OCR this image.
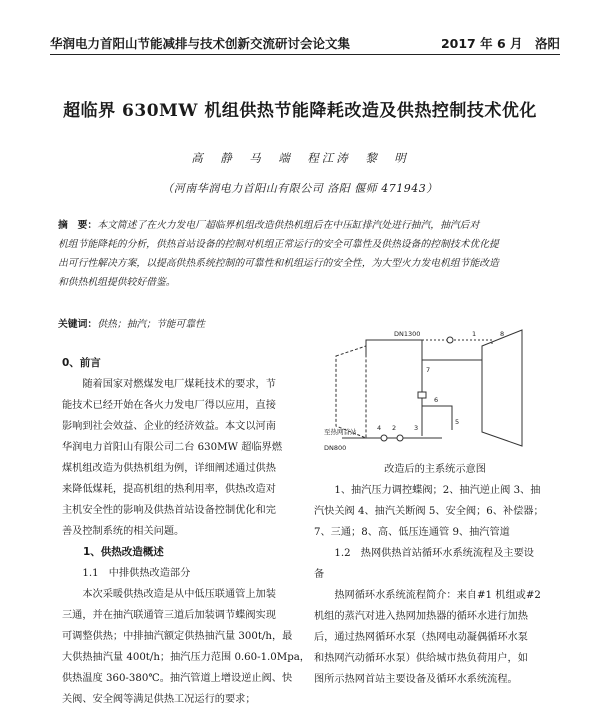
华润电力首阳山节能减排与技术创新交流研讨会论文集	2017 年 6 月　洛阳
超临界 630MW 机组供热节能降耗改造及供热控制技术优化
高　静　马　端　程江涛　黎　明
（河南华润电力首阳山有限公司 洛阳 偃师 471943）
摘　要：本文简述了在火力发电厂超临界机组改造供热机组后在中压缸排汽处进行抽汽，抽汽后对
机组节能降耗的分析，供热首站设备的控制对机组正常运行的安全可靠性及供热设备的控制技术优化提
出可行性解决方案，以提高供热系统控制的可靠性和机组运行的安全性，为大型火力发电机组节能改造
和供热机组提供较好借鉴。
关键词：供热；抽汽；节能可靠性
0、前言
　　随着国家对燃煤发电厂煤耗技术的要求，节
能技术已经开始在各火力发电厂得以应用，直接
影响到社会效益、企业的经济效益。本文以河南
华润电力首阳山有限公司二台 630MW 超临界燃
煤机组改造为供热机组为例，详细阐述通过供热
来降低煤耗，提高机组的热利用率，供热改造对
主机安全性的影响及供热首站设备控制优化和完
善及控制系统的相关问题。
　　1、供热改造概述
　　1.1　中排供热改造部分
　　本次采暖供热改造是从中低压联通管上加装
三通，并在抽汽联通管三道后加装调节蝶阀实现
可调整供热；中排抽汽额定供热抽汽量 300t/h，最
大供热抽汽量 400t/h；抽汽压力范围 0.60-1.0Mpa，
供热温度 360-380℃。抽汽管道上增设逆止阀、快
关阀、安全阀等满足供热工况运行的要求；
DN1300
DN800
至热网首站
1
2	3
4
5
6
7
8
改造后的主系统示意图
　　1、抽汽压力调控蝶阀；2、抽汽逆止阀 3、抽
汽快关阀 4、抽汽关断阀 5、安全阀；6、补偿器；
7、三通；8、高、低压连通管 9、抽汽管道
　　1.2　热网供热首站循环水系统流程及主要设
备
　　热网循环水系统流程简介：来自#1 机组或#2
机组的蒸汽对进入热网加热器的循环水进行加热
后，通过热网循环水泵（热网电动凝偶循环水泵
和热网汽动循环水泵）供给城市热负荷用户，如
图所示热网首站主要设备及循环水系统流程。
